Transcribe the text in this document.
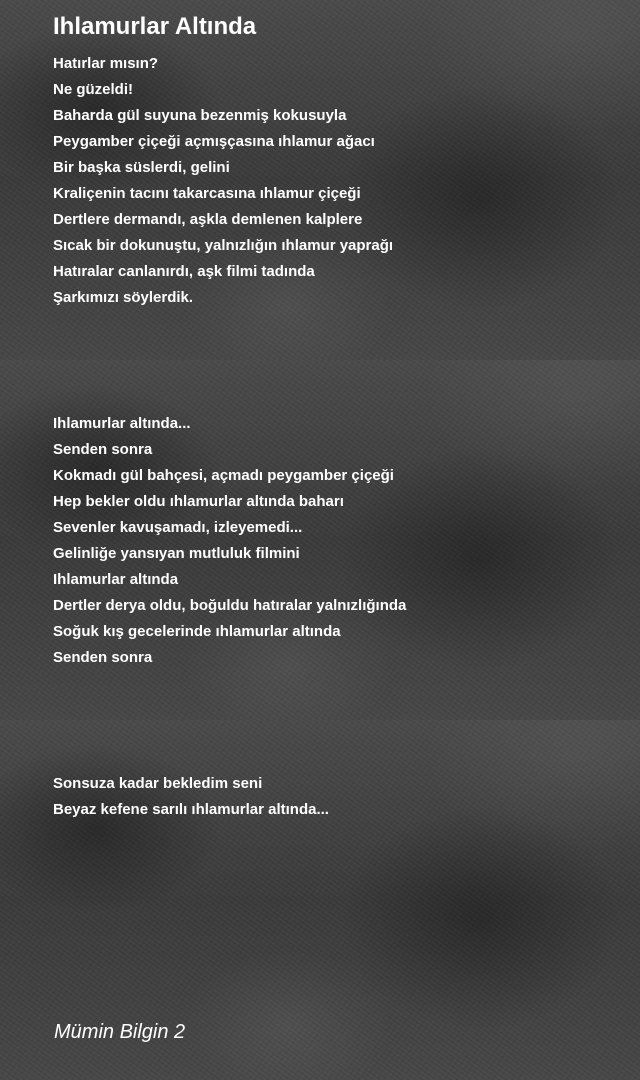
Ihlamurlar Altında
Hatırlar mısın?
Ne güzeldi!
Baharda gül suyuna bezenmiş kokusuyla
Peygamber çiçeği açmışçasına ıhlamur ağacı
Bir başka süslerdi, gelini
Kraliçenin tacını takarcasına ıhlamur çiçeği
Dertlere dermandı, aşkla demlenen kalplere
Sıcak bir dokunuştu, yalnızlığın ıhlamur yaprağı
Hatıralar canlanırdı, aşk filmi tadında
Şarkımızı söylerdik.
Ihlamurlar altında...
Senden sonra
Kokmadı gül bahçesi, açmadı peygamber çiçeği
Hep bekler oldu ıhlamurlar altında baharı
Sevenler kavuşamadı, izleyemedi...
Gelinliğe yansıyan mutluluk filmini
Ihlamurlar altında
Dertler derya oldu, boğuldu hatıralar yalnızlığında
Soğuk kış gecelerinde ıhlamurlar altında
Senden sonra
Sonsuza kadar bekledim seni
Beyaz kefene sarılı ıhlamurlar altında...

Mümin Bilgin 2
